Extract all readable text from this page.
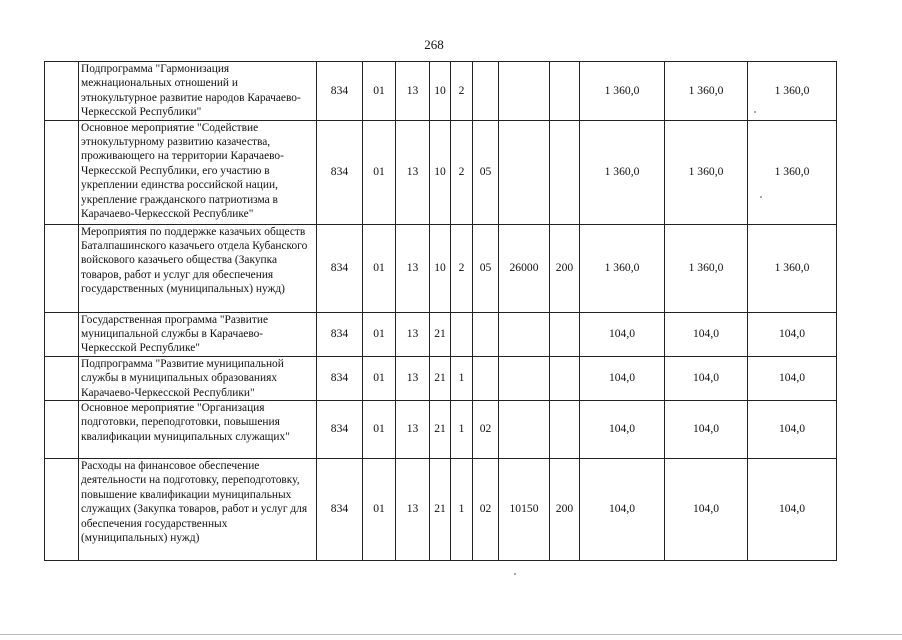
268
	Подпрограмма "Гармонизация межнациональных отношений и этнокультурное развитие народов Карачаево-Черкесской Республики"	834	01	13	10	2				1 360,0	1 360,0	1 360,0
	Основное мероприятие "Содействие этнокультурному развитию казачества, проживающего на территории Карачаево-Черкесской Республики, его участию в укреплении единства российской нации, укрепление гражданского патриотизма в Карачаево-Черкесской Республике"	834	01	13	10	2	05			1 360,0	1 360,0	1 360,0
	Мероприятия по поддержке казачьих обществ Баталпашинского казачьего отдела Кубанского войскового казачьего общества (Закупка товаров, работ и услуг для обеспечения государственных (муниципальных) нужд)	834	01	13	10	2	05	26000	200	1 360,0	1 360,0	1 360,0
	Государственная программа "Развитие муниципальной службы в Карачаево-Черкесской Республике"	834	01	13	21					104,0	104,0	104,0
	Подпрограмма "Развитие муниципальной службы в муниципальных образованиях Карачаево-Черкесской Республики"	834	01	13	21	1				104,0	104,0	104,0
	Основное мероприятие "Организация подготовки, переподготовки, повышения квалификации муниципальных служащих"	834	01	13	21	1	02			104,0	104,0	104,0
	Расходы на финансовое обеспечение деятельности на подготовку, переподготовку, повышение квалификации муниципальных служащих (Закупка товаров, работ и услуг для обеспечения государственных (муниципальных) нужд)	834	01	13	21	1	02	10150	200	104,0	104,0	104,0
